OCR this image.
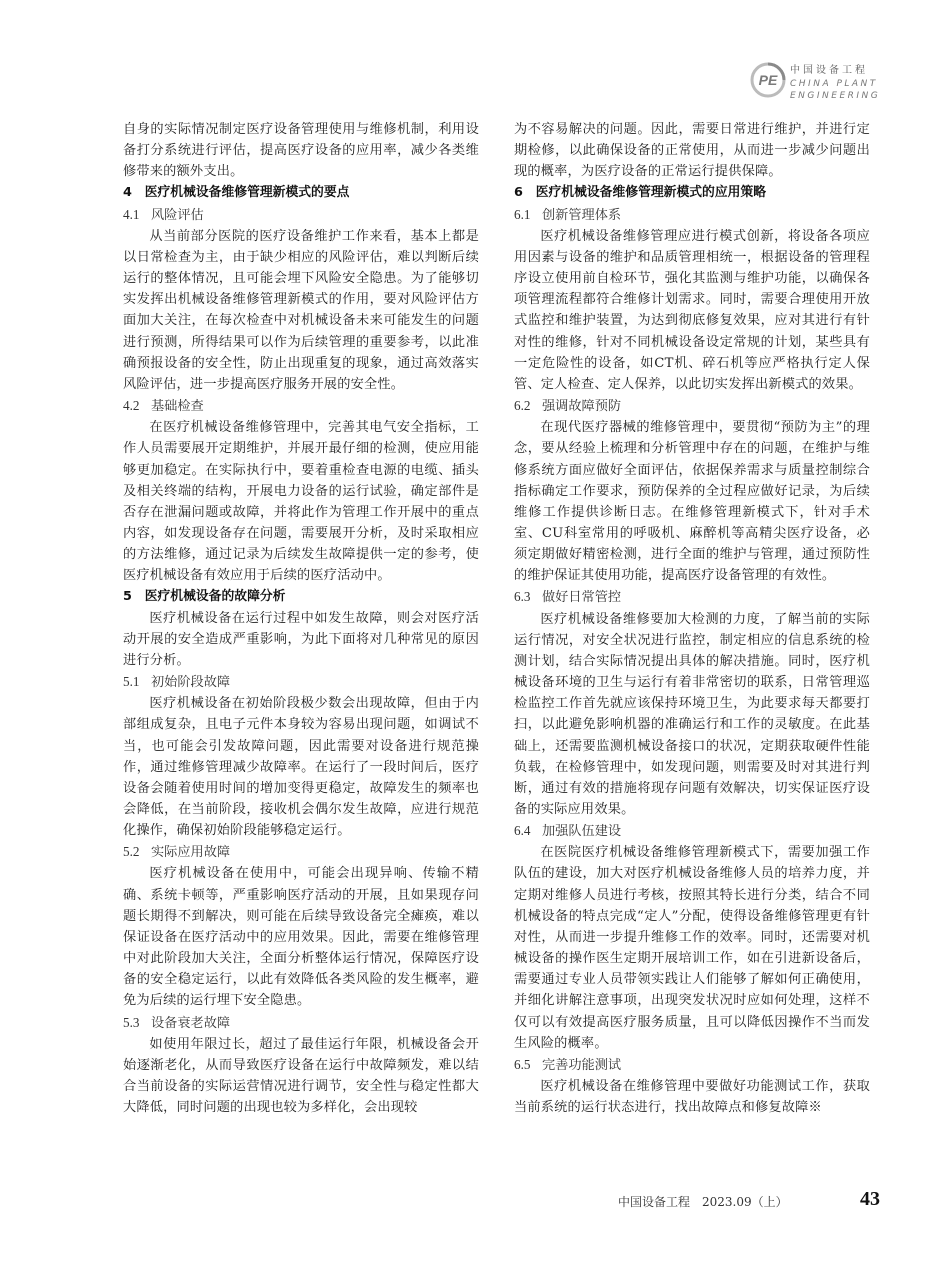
PE
中国设备工程
CHINA PLANT
ENGINEERING
自身的实际情况制定医疗设备管理使用与维修机制，利用设备打分系统进行评估，提高医疗设备的应用率，减少各类维修带来的额外支出。
4　医疗机械设备维修管理新模式的要点
4.1 风险评估
从当前部分医院的医疗设备维护工作来看，基本上都是以日常检查为主，由于缺少相应的风险评估，难以判断后续运行的整体情况，且可能会埋下风险安全隐患。为了能够切实发挥出机械设备维修管理新模式的作用，要对风险评估方面加大关注，在每次检查中对机械设备未来可能发生的问题进行预测，所得结果可以作为后续管理的重要参考，以此准确预报设备的安全性，防止出现重复的现象，通过高效落实风险评估，进一步提高医疗服务开展的安全性。
4.2 基础检查
在医疗机械设备维修管理中，完善其电气安全指标，工作人员需要展开定期维护，并展开最仔细的检测，使应用能够更加稳定。在实际执行中，要着重检查电源的电缆、插头及相关终端的结构，开展电力设备的运行试验，确定部件是否存在泄漏问题或故障，并将此作为管理工作开展中的重点内容，如发现设备存在问题，需要展开分析，及时采取相应的方法维修，通过记录为后续发生故障提供一定的参考，使医疗机械设备有效应用于后续的医疗活动中。
5　医疗机械设备的故障分析
医疗机械设备在运行过程中如发生故障，则会对医疗活动开展的安全造成严重影响，为此下面将对几种常见的原因进行分析。
5.1 初始阶段故障
医疗机械设备在初始阶段极少数会出现故障，但由于内部组成复杂，且电子元件本身较为容易出现问题，如调试不当，也可能会引发故障问题，因此需要对设备进行规范操作，通过维修管理减少故障率。在运行了一段时间后，医疗设备会随着使用时间的增加变得更稳定，故障发生的频率也会降低，在当前阶段，接收机会偶尔发生故障，应进行规范化操作，确保初始阶段能够稳定运行。
5.2 实际应用故障
医疗机械设备在使用中，可能会出现异响、传输不精确、系统卡顿等，严重影响医疗活动的开展，且如果现存问题长期得不到解决，则可能在后续导致设备完全瘫痪，难以保证设备在医疗活动中的应用效果。因此，需要在维修管理中对此阶段加大关注，全面分析整体运行情况，保障医疗设备的安全稳定运行，以此有效降低各类风险的发生概率，避免为后续的运行埋下安全隐患。
5.3 设备衰老故障
如使用年限过长，超过了最佳运行年限，机械设备会开始逐渐老化，从而导致医疗设备在运行中故障频发，难以结合当前设备的实际运营情况进行调节，安全性与稳定性都大大降低，同时问题的出现也较为多样化，会出现较
为不容易解决的问题。因此，需要日常进行维护，并进行定期检修，以此确保设备的正常使用，从而进一步减少问题出现的概率，为医疗设备的正常运行提供保障。
6　医疗机械设备维修管理新模式的应用策略
6.1 创新管理体系
医疗机械设备维修管理应进行模式创新，将设备各项应用因素与设备的维护和品质管理相统一，根据设备的管理程序设立使用前自检环节，强化其监测与维护功能，以确保各项管理流程都符合维修计划需求。同时，需要合理使用开放式监控和维护装置，为达到彻底修复效果，应对其进行有针对性的维修，针对不同机械设备设定常规的计划，某些具有一定危险性的设备，如CT机、碎石机等应严格执行定人保管、定人检查、定人保养，以此切实发挥出新模式的效果。
6.2 强调故障预防
在现代医疗器械的维修管理中，要贯彻“预防为主”的理念，要从经验上梳理和分析管理中存在的问题，在维护与维修系统方面应做好全面评估，依据保养需求与质量控制综合指标确定工作要求，预防保养的全过程应做好记录，为后续维修工作提供诊断日志。在维修管理新模式下，针对手术室、CU科室常用的呼吸机、麻醉机等高精尖医疗设备，必须定期做好精密检测，进行全面的维护与管理，通过预防性的维护保证其使用功能，提高医疗设备管理的有效性。
6.3 做好日常管控
医疗机械设备维修要加大检测的力度，了解当前的实际运行情况，对安全状况进行监控，制定相应的信息系统的检测计划，结合实际情况提出具体的解决措施。同时，医疗机械设备环境的卫生与运行有着非常密切的联系，日常管理巡检监控工作首先就应该保持环境卫生，为此要求每天都要打扫，以此避免影响机器的准确运行和工作的灵敏度。在此基础上，还需要监测机械设备接口的状况，定期获取硬件性能负载，在检修管理中，如发现问题，则需要及时对其进行判断，通过有效的措施将现存问题有效解决，切实保证医疗设备的实际应用效果。
6.4 加强队伍建设
在医院医疗机械设备维修管理新模式下，需要加强工作队伍的建设，加大对医疗机械设备维修人员的培养力度，并定期对维修人员进行考核，按照其特长进行分类，结合不同机械设备的特点完成“定人”分配，使得设备维修管理更有针对性，从而进一步提升维修工作的效率。同时，还需要对机械设备的操作医生定期开展培训工作，如在引进新设备后，需要通过专业人员带领实践让人们能够了解如何正确使用，并细化讲解注意事项，出现突发状况时应如何处理，这样不仅可以有效提高医疗服务质量，且可以降低因操作不当而发生风险的概率。
6.5 完善功能测试
医疗机械设备在维修管理中要做好功能测试工作，获取当前系统的运行状态进行，找出故障点和修复故障※
中国设备工程　2023.09（上）	43
